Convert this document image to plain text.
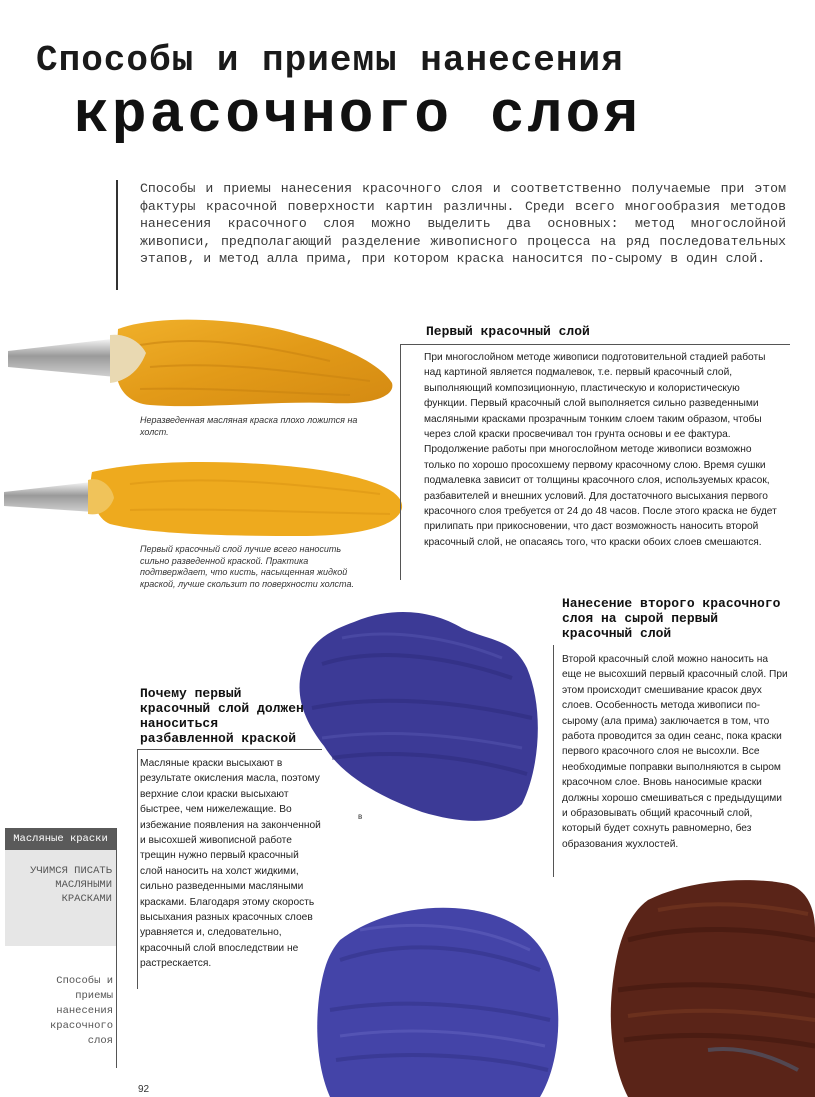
Способы и приемы нанесения
красочного слоя
Способы и приемы нанесения красочного слоя и соответственно получаемые при этом фактуры красочной поверхности картин различны. Среди всего многообразия методов нанесения красочного слоя можно выделить два основных: метод многослойной живописи, предполагающий разделение живописного процесса на ряд последовательных этапов, и метод алла прима, при котором краска наносится по-сырому в один слой.
Неразведенная масляная краска плохо ложится на холст.
Первый красочный слой лучше всего наносить сильно разведенной краской. Практика подтверждает, что кисть, насыщенная жидкой краской, лучше скользит по поверхности холста.
Первый красочный слой
При многослойном методе живописи подготовительной стадией работы над картиной является подмалевок, т.е. первый красочный слой, выполняющий композиционную, пластическую и колористическую функции. Первый красочный слой выполняется сильно разведенными масляными красками прозрачным тонким слоем таким образом, чтобы через слой краски просвечивал тон грунта основы и ее фактура. Продолжение работы при многослойном методе живописи возможно только по хорошо просохшему первому красочному слою. Время сушки подмалевка зависит от толщины красочного слоя, используемых красок, разбавителей и внешних условий. Для достаточного высыхания первого красочного слоя требуется от 24 до 48 часов. После этого краска не будет прилипать при прикосновении, что даст возможность наносить второй красочный слой, не опасаясь того, что краски обоих слоев смешаются.
в
Почему первый красочный слой должен наноситься разбавленной краской
Масляные краски высыхают в результате окисления масла, поэтому верхние слои краски высыхают быстрее, чем нижележащие. Во избежание появления на законченной и высохшей живописной работе трещин нужно первый красочный слой наносить на холст жидкими, сильно разведенными масляными красками. Благодаря этому скорость высыхания разных красочных слоев уравняется и, следовательно, красочный слой впоследствии не растрескается.
Нанесение второго красочного слоя на сырой первый красочный слой
Второй красочный слой можно наносить на еще не высохший первый красочный слой. При этом происходит смешивание красок двух слоев. Особенность метода живописи по-сырому (ала прима) заключается в том, что работа проводится за один сеанс, пока краски первого красочного слоя не высохли. Все необходимые поправки выполняются в сыром красочном слое. Вновь наносимые краски должны хорошо смешиваться с предыдущими и образовывать общий красочный слой, который будет сохнуть равномерно, без образования жухлостей.
Масляные краски
УЧИМСЯ ПИСАТЬ МАСЛЯНЫМИ КРАСКАМИ
Способы и приемы нанесения красочного слоя
92
